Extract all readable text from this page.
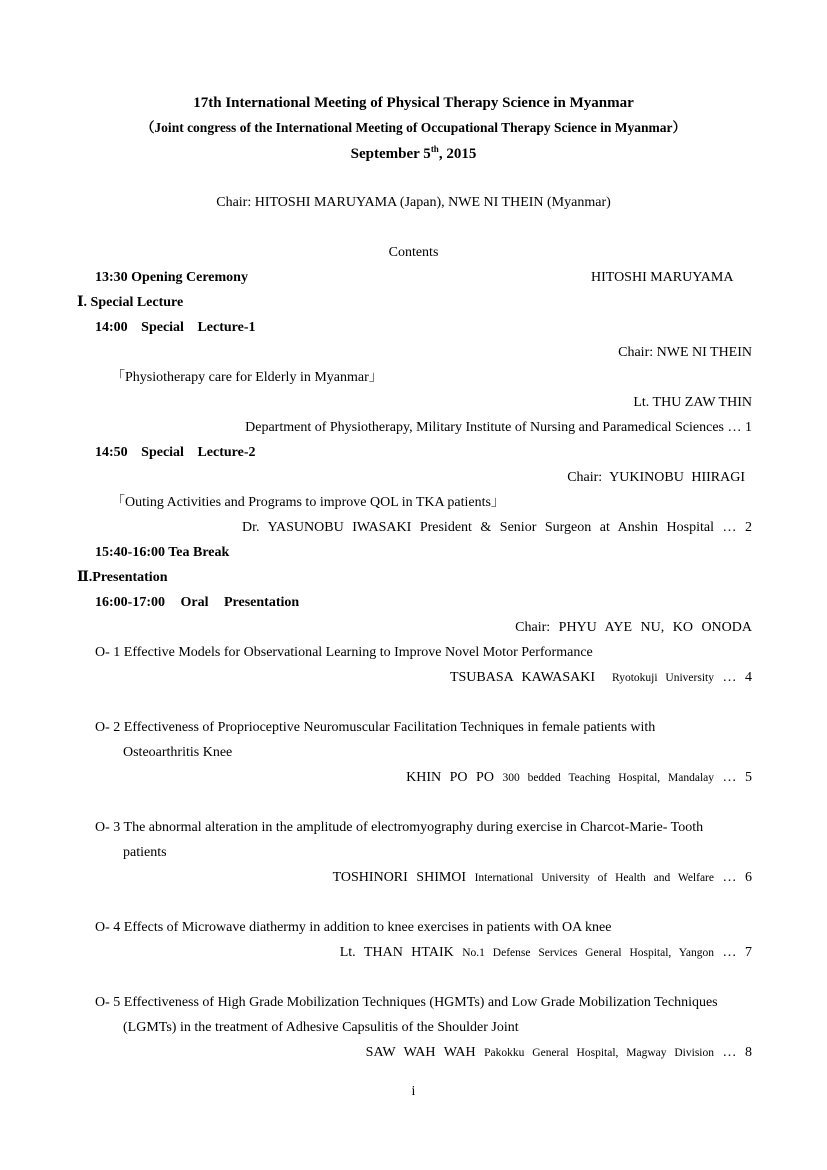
17th International Meeting of Physical Therapy Science in Myanmar
（Joint congress of the International Meeting of Occupational Therapy Science in Myanmar）
September 5th, 2015
Chair: HITOSHI MARUYAMA (Japan), NWE NI THEIN (Myanmar)
Contents
13:30 Opening Ceremony	HITOSHI MARUYAMA
Ⅰ. Special Lecture
14:00 Special Lecture‐1
Chair: NWE NI THEIN
「Physiotherapy care for Elderly in Myanmar」
Lt. THU ZAW THIN
Department of Physiotherapy, Military Institute of Nursing and Paramedical Sciences … 1
14:50 Special Lecture‐2
Chair: YUKINOBU HIIRAGI
「Outing Activities and Programs to improve QOL in TKA patients」
Dr. YASUNOBU IWASAKI President & Senior Surgeon at Anshin Hospital … 2
15:40-16:00 Tea Break
Ⅱ.Presentation
16:00-17:00 Oral Presentation
Chair: PHYU AYE NU, KO ONODA
O- 1 Effective Models for Observational Learning to Improve Novel Motor Performance
TSUBASA KAWASAKI Ryotokuji University … 4
O- 2 Effectiveness of Proprioceptive Neuromuscular Facilitation Techniques in female patients with
Osteoarthritis Knee
KHIN PO PO 300 bedded Teaching Hospital, Mandalay … 5
O- 3 The abnormal alteration in the amplitude of electromyography during exercise in Charcot-Marie- Tooth
patients
TOSHINORI SHIMOI International University of Health and Welfare … 6
O- 4 Effects of Microwave diathermy in addition to knee exercises in patients with OA knee
Lt. THAN HTAIK No.1 Defense Services General Hospital, Yangon … 7
O- 5 Effectiveness of High Grade Mobilization Techniques (HGMTs) and Low Grade Mobilization Techniques
(LGMTs) in the treatment of Adhesive Capsulitis of the Shoulder Joint
SAW WAH WAH Pakokku General Hospital, Magway Division … 8
i
